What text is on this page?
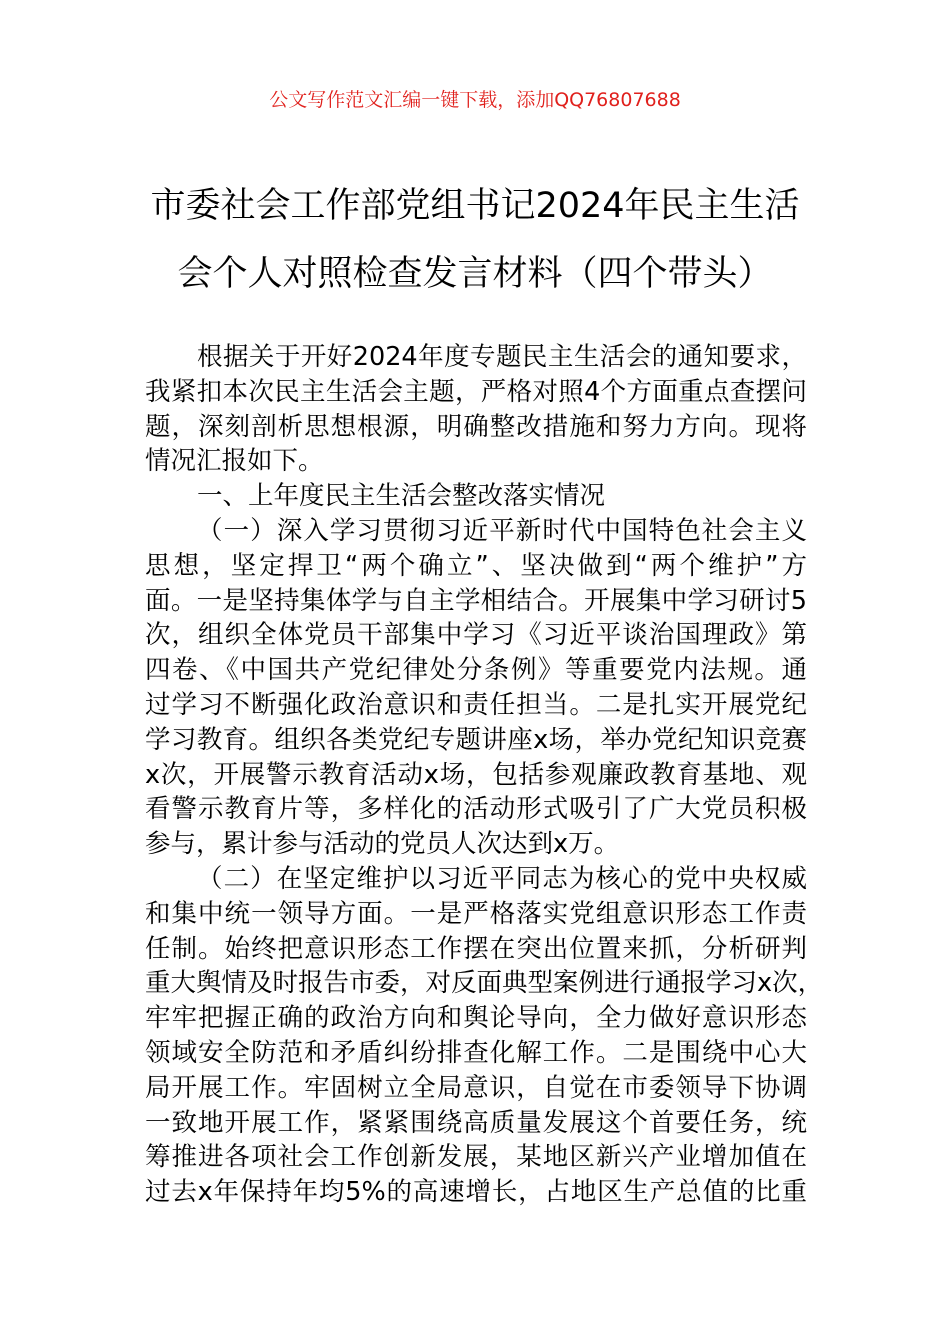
公文写作范文汇编一键下载，添加QQ76807688
市委社会工作部党组书记2024年民主生活
会个人对照检查发言材料（四个带头）
根据关于开好2024年度专题民主生活会的通知要求，
我紧扣本次民主生活会主题，严格对照4个方面重点查摆问
题，深刻剖析思想根源，明确整改措施和努力方向。现将
情况汇报如下。
一、上年度民主生活会整改落实情况
（一）深入学习贯彻习近平新时代中国特色社会主义
思想，坚定捍卫“两个确立”、坚决做到“两个维护”方
面。一是坚持集体学与自主学相结合。开展集中学习研讨5
次，组织全体党员干部集中学习《习近平谈治国理政》第
四卷、《中国共产党纪律处分条例》等重要党内法规。通
过学习不断强化政治意识和责任担当。二是扎实开展党纪
学习教育。组织各类党纪专题讲座x场，举办党纪知识竞赛
x次，开展警示教育活动x场，包括参观廉政教育基地、观
看警示教育片等，多样化的活动形式吸引了广大党员积极
参与，累计参与活动的党员人次达到x万。
（二）在坚定维护以习近平同志为核心的党中央权威
和集中统一领导方面。一是严格落实党组意识形态工作责
任制。始终把意识形态工作摆在突出位置来抓，分析研判
重大舆情及时报告市委，对反面典型案例进行通报学习x次，
牢牢把握正确的政治方向和舆论导向，全力做好意识形态
领域安全防范和矛盾纠纷排查化解工作。二是围绕中心大
局开展工作。牢固树立全局意识，自觉在市委领导下协调
一致地开展工作，紧紧围绕高质量发展这个首要任务，统
筹推进各项社会工作创新发展，某地区新兴产业增加值在
过去x年保持年均5%的高速增长，占地区生产总值的比重
